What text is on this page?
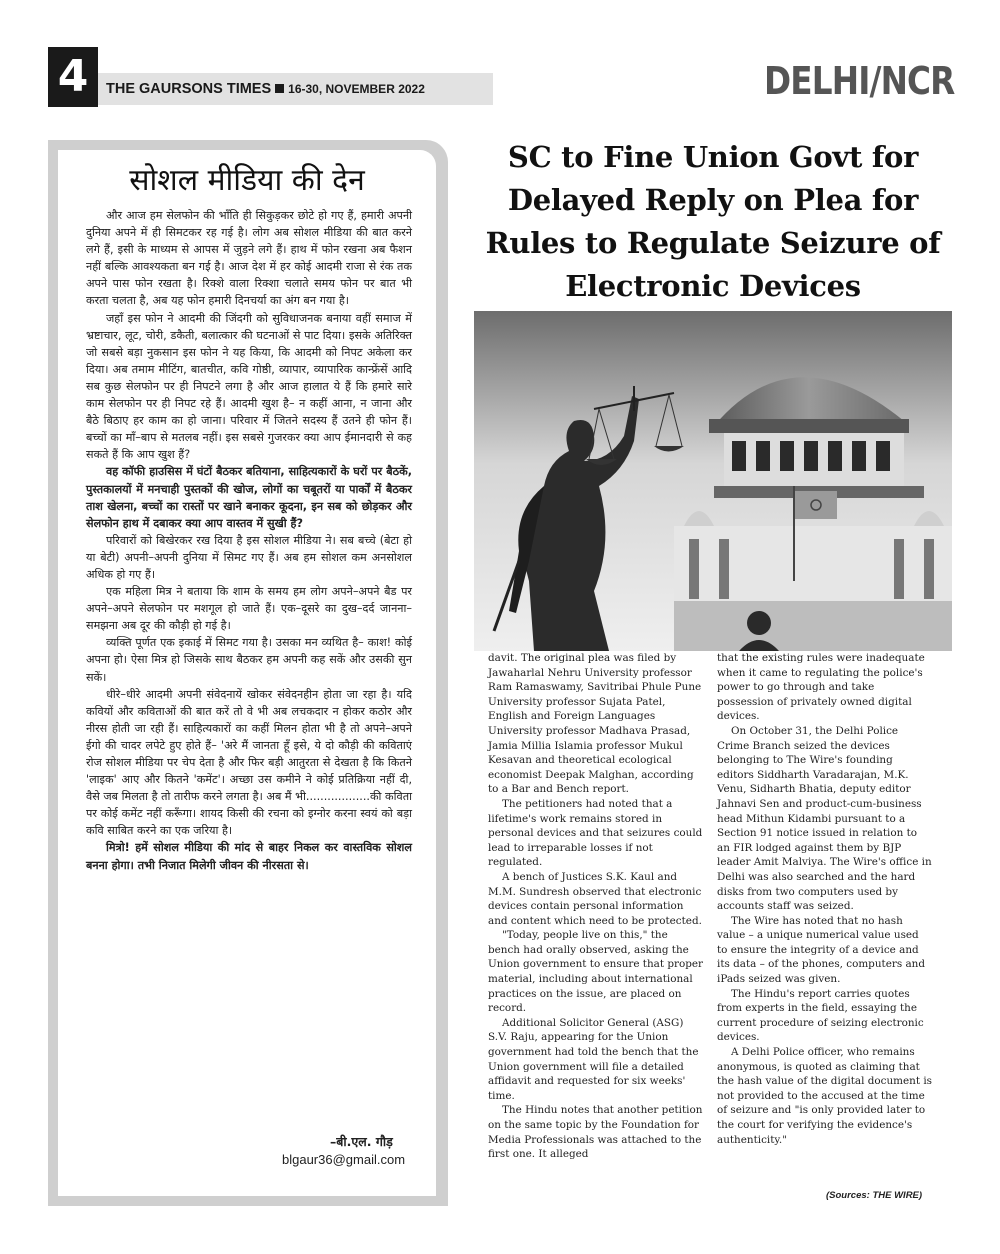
4	THE GAURSONS TIMES 16-30, NOVEMBER 2022	DELHI/NCR
सोशल मीडिया की देन

और आज हम सेलफोन की भाँति ही सिकुड़कर छोटे हो गए हैं, हमारी अपनी दुनिया अपने में ही सिमटकर रह गई है। लोग अब सोशल मीडिया की बात करने लगे हैं, इसी के माध्यम से आपस में जुड़ने लगे हैं। हाथ में फोन रखना अब फैशन नहीं बल्कि आवश्यकता बन गई है। आज देश में हर कोई आदमी राजा से रंक तक अपने पास फोन रखता है। रिक्शे वाला रिक्शा चलाते समय फोन पर बात भी करता चलता है, अब यह फोन हमारी दिनचर्या का अंग बन गया है।

जहाँ इस फोन ने आदमी की जिंदगी को सुविधाजनक बनाया वहीं समाज में भ्रष्टाचार, लूट, चोरी, डकैती, बलात्कार की घटनाओं से पाट दिया। इसके अतिरिक्त जो सबसे बड़ा नुकसान इस फोन ने यह किया, कि आदमी को निपट अकेला कर दिया। अब तमाम मीटिंग, बातचीत, कवि गोष्ठी, व्यापार, व्यापारिक कान्फ्रेंसें आदि सब कुछ सेलफोन पर ही निपटने लगा है और आज हालात ये हैं कि हमारे सारे काम सेलफोन पर ही निपट रहे हैं। आदमी खुश है– न कहीं आना, न जाना और बैठे बिठाए हर काम का हो जाना। परिवार में जितने सदस्य हैं उतने ही फोन हैं। बच्चों का माँ–बाप से मतलब नहीं। इस सबसे गुजरकर क्या आप ईमानदारी से कह सकते हैं कि आप खुश हैं?

वह कॉफी हाउसिस में घंटों बैठकर बतियाना, साहित्यकारों के घरों पर बैठकें, पुस्तकालयों में मनचाही पुस्तकों की खोज, लोगों का चबूतरों या पार्कों में बैठकर ताश खेलना, बच्चों का रास्तों पर खाने बनाकर कूदना, इन सब को छोड़कर और सेलफोन हाथ में दबाकर क्या आप वास्तव में सुखी हैं?

परिवारों को बिखेरकर रख दिया है इस सोशल मीडिया ने। सब बच्चे (बेटा हो या बेटी) अपनी–अपनी दुनिया में सिमट गए हैं। अब हम सोशल कम अनसोशल अधिक हो गए हैं।

एक महिला मित्र ने बताया कि शाम के समय हम लोग अपने–अपने बैड पर अपने–अपने सेलफोन पर मशगूल हो जाते हैं। एक–दूसरे का दुख–दर्द जानना–समझना अब दूर की कौड़ी हो गई है।

व्यक्ति पूर्णत एक इकाई में सिमट गया है। उसका मन व्यथित है– काश! कोई अपना हो। ऐसा मित्र हो जिसके साथ बैठकर हम अपनी कह सकें और उसकी सुन सकें।

धीरे–धीरे आदमी अपनी संवेदनायें खोकर संवेदनहीन होता जा रहा है। यदि कवियों और कविताओं की बात करें तो वे भी अब लचकदार न होकर कठोर और नीरस होती जा रही हैं। साहित्यकारों का कहीं मिलन होता भी है तो अपने–अपने ईगो की चादर लपेटे हुए होते हैं– 'अरे मैं जानता हूँ इसे, ये दो कौड़ी की कविताएं रोज सोशल मीडिया पर चेप देता है और फिर बड़ी आतुरता से देखता है कि कितने 'लाइक' आए और कितने 'कमेंट'। अच्छा उस कमीने ने कोई प्रतिक्रिया नहीं दी, वैसे जब मिलता है तो तारीफ करने लगता है। अब मैं भी..................की कविता पर कोई कमेंट नहीं करूँगा। शायद किसी की रचना को इग्नोर करना स्वयं को बड़ा कवि साबित करने का एक जरिया है।

मित्रो! हमें सोशल मीडिया की मांद से बाहर निकल कर वास्तविक सोशल बनना होगा। तभी निजात मिलेगी जीवन की नीरसता से।

–बी.एल. गौड़
blgaur36@gmail.com
SC to Fine Union Govt for Delayed Reply on Plea for Rules to Regulate Seizure of Electronic Devices

davit. The original plea was filed by Jawaharlal Nehru University professor Ram Ramaswamy, Savitribai Phule Pune University professor Sujata Patel, English and Foreign Languages University professor Madhava Prasad, Jamia Millia Islamia professor Mukul Kesavan and theoretical ecological economist Deepak Malghan, according to a Bar and Bench report.

The petitioners had noted that a lifetime's work remains stored in personal devices and that seizures could lead to irreparable losses if not regulated.

A bench of Justices S.K. Kaul and M.M. Sundresh observed that electronic devices contain personal information and content which need to be protected.

"Today, people live on this," the bench had orally observed, asking the Union government to ensure that proper material, including about international practices on the issue, are placed on record.

Additional Solicitor General (ASG) S.V. Raju, appearing for the Union government had told the bench that the Union government will file a detailed affidavit and requested for six weeks' time.

The Hindu notes that another petition on the same topic by the Foundation for Media Professionals was attached to the first one. It alleged

that the existing rules were inadequate when it came to regulating the police's power to go through and take possession of privately owned digital devices.

On October 31, the Delhi Police Crime Branch seized the devices belonging to The Wire's founding editors Siddharth Varadarajan, M.K. Venu, Sidharth Bhatia, deputy editor Jahnavi Sen and product-cum-business head Mithun Kidambi pursuant to a Section 91 notice issued in relation to an FIR lodged against them by BJP leader Amit Malviya. The Wire's office in Delhi was also searched and the hard disks from two computers used by accounts staff was seized.

The Wire has noted that no hash value – a unique numerical value used to ensure the integrity of a device and its data – of the phones, computers and iPads seized was given.

The Hindu's report carries quotes from experts in the field, essaying the current procedure of seizing electronic devices.

A Delhi Police officer, who remains anonymous, is quoted as claiming that the hash value of the digital document is not provided to the accused at the time of seizure and "is only provided later to the court for verifying the evidence's authenticity."

(Sources: THE WIRE)
